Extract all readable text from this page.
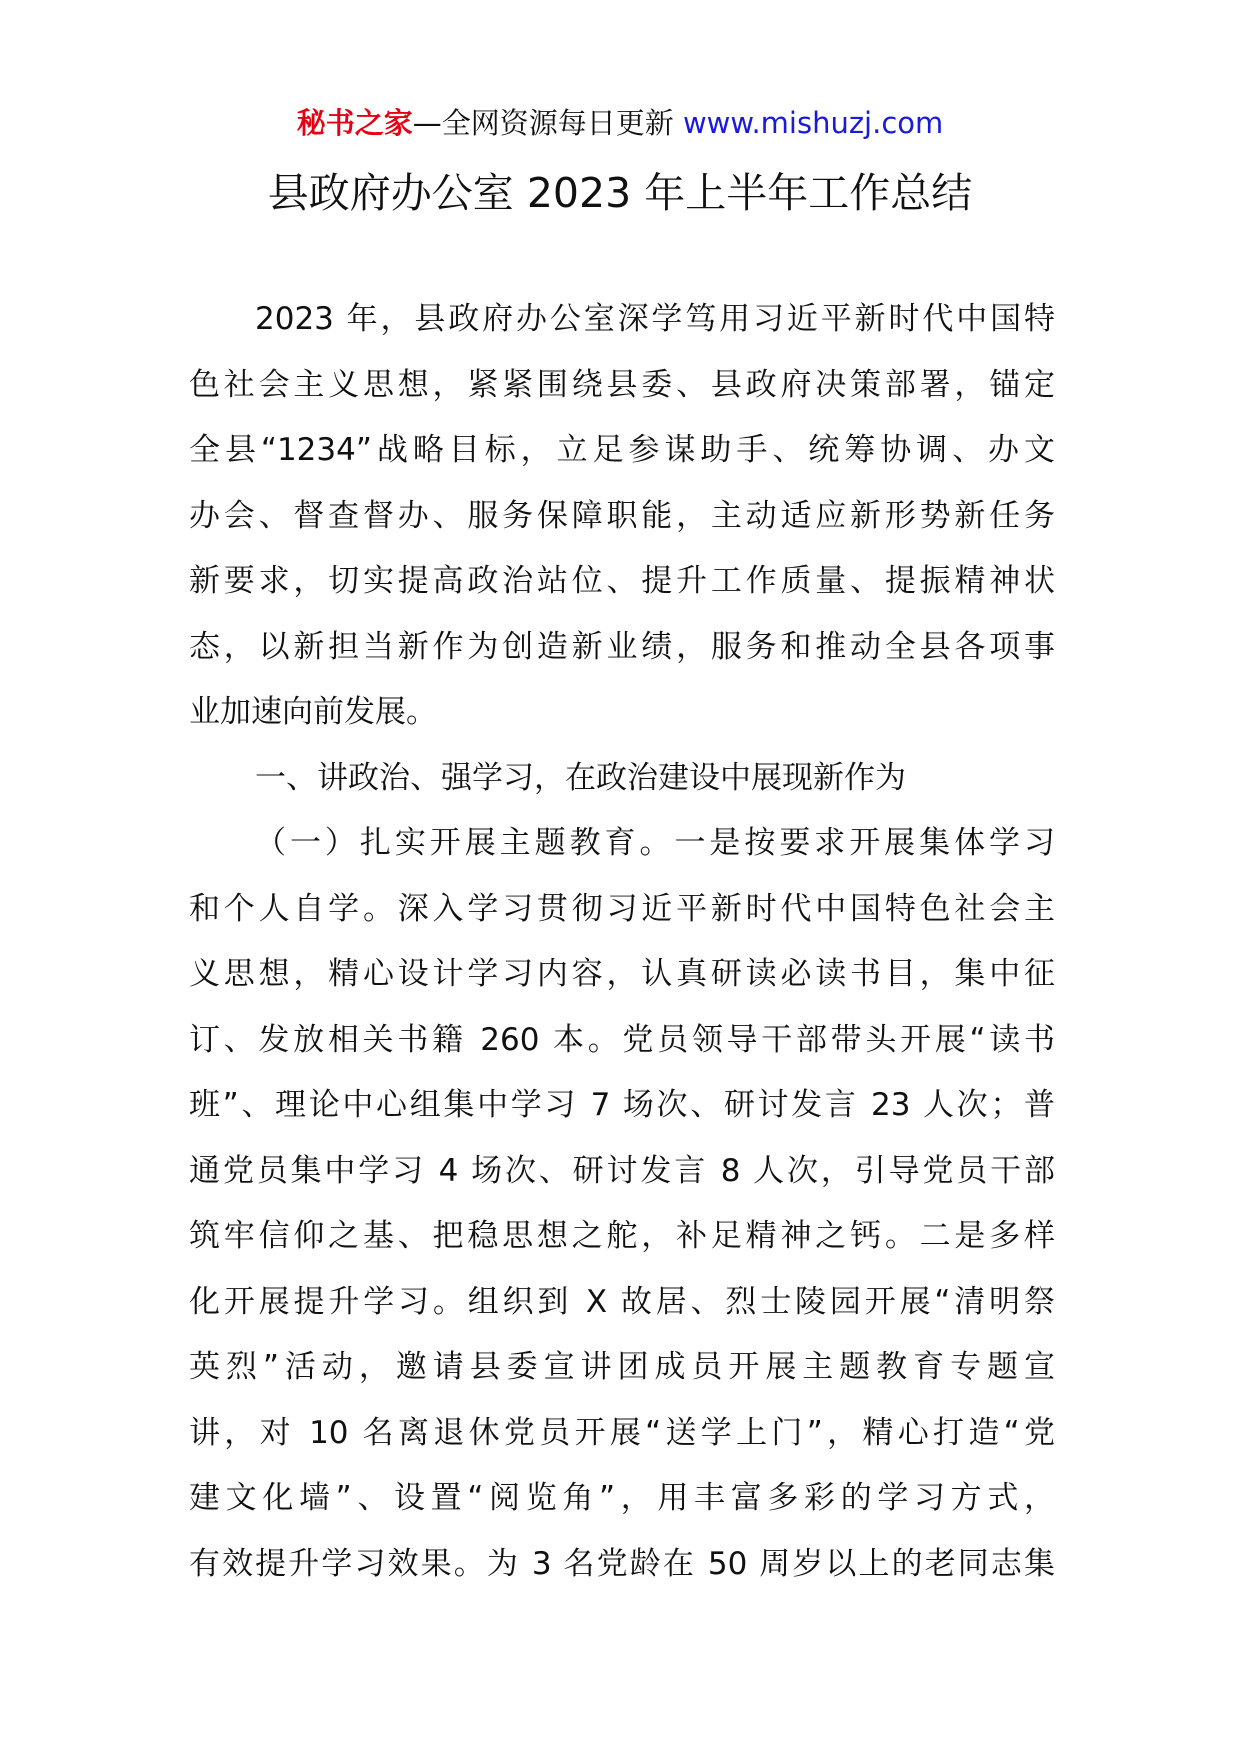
秘书之家—全网资源每日更新 www.mishuzj.com
县政府办公室 2023 年上半年工作总结
2023 年，县政府办公室深学笃用习近平新时代中国特
色社会主义思想，紧紧围绕县委、县政府决策部署，锚定
全县“1234”战略目标，立足参谋助手、统筹协调、办文
办会、督查督办、服务保障职能，主动适应新形势新任务
新要求，切实提高政治站位、提升工作质量、提振精神状
态，以新担当新作为创造新业绩，服务和推动全县各项事
业加速向前发展。
一、讲政治、强学习，在政治建设中展现新作为
（一）扎实开展主题教育。一是按要求开展集体学习
和个人自学。深入学习贯彻习近平新时代中国特色社会主
义思想，精心设计学习内容，认真研读必读书目，集中征
订、发放相关书籍 260 本。党员领导干部带头开展“读书
班”、理论中心组集中学习 7 场次、研讨发言 23 人次；普
通党员集中学习 4 场次、研讨发言 8 人次，引导党员干部
筑牢信仰之基、把稳思想之舵，补足精神之钙。二是多样
化开展提升学习。组织到 X 故居、烈士陵园开展“清明祭
英烈”活动，邀请县委宣讲团成员开展主题教育专题宣
讲，对 10 名离退休党员开展“送学上门”，精心打造“党
建文化墙”、设置“阅览角”，用丰富多彩的学习方式，
有效提升学习效果。为 3 名党龄在 50 周岁以上的老同志集
